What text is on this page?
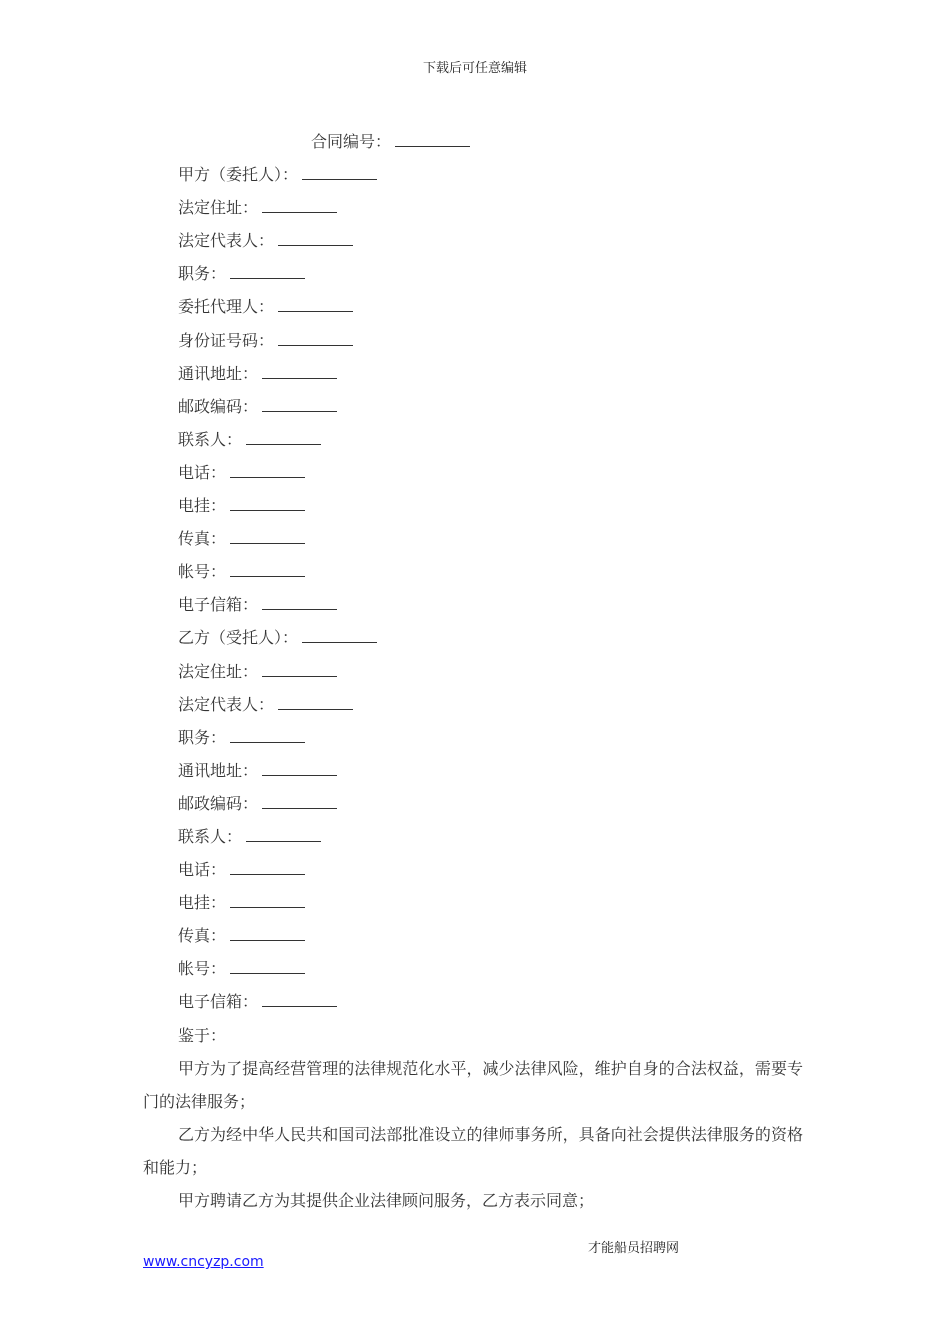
下载后可任意编辑
合同编号：
甲方（委托人）：
法定住址：
法定代表人：
职务：
委托代理人：
身份证号码：
通讯地址：
邮政编码：
联系人：
电话：
电挂：
传真：
帐号：
电子信箱：
乙方（受托人）：
法定住址：
法定代表人：
职务：
通讯地址：
邮政编码：
联系人：
电话：
电挂：
传真：
帐号：
电子信箱：
鉴于：
甲方为了提高经营管理的法律规范化水平，减少法律风险，维护自身的合法权益，需要专门的法律服务；
乙方为经中华人民共和国司法部批准设立的律师事务所，具备向社会提供法律服务的资格和能力；
甲方聘请乙方为其提供企业法律顾问服务，乙方表示同意；
才能船员招聘网
www.cncyzp.com
